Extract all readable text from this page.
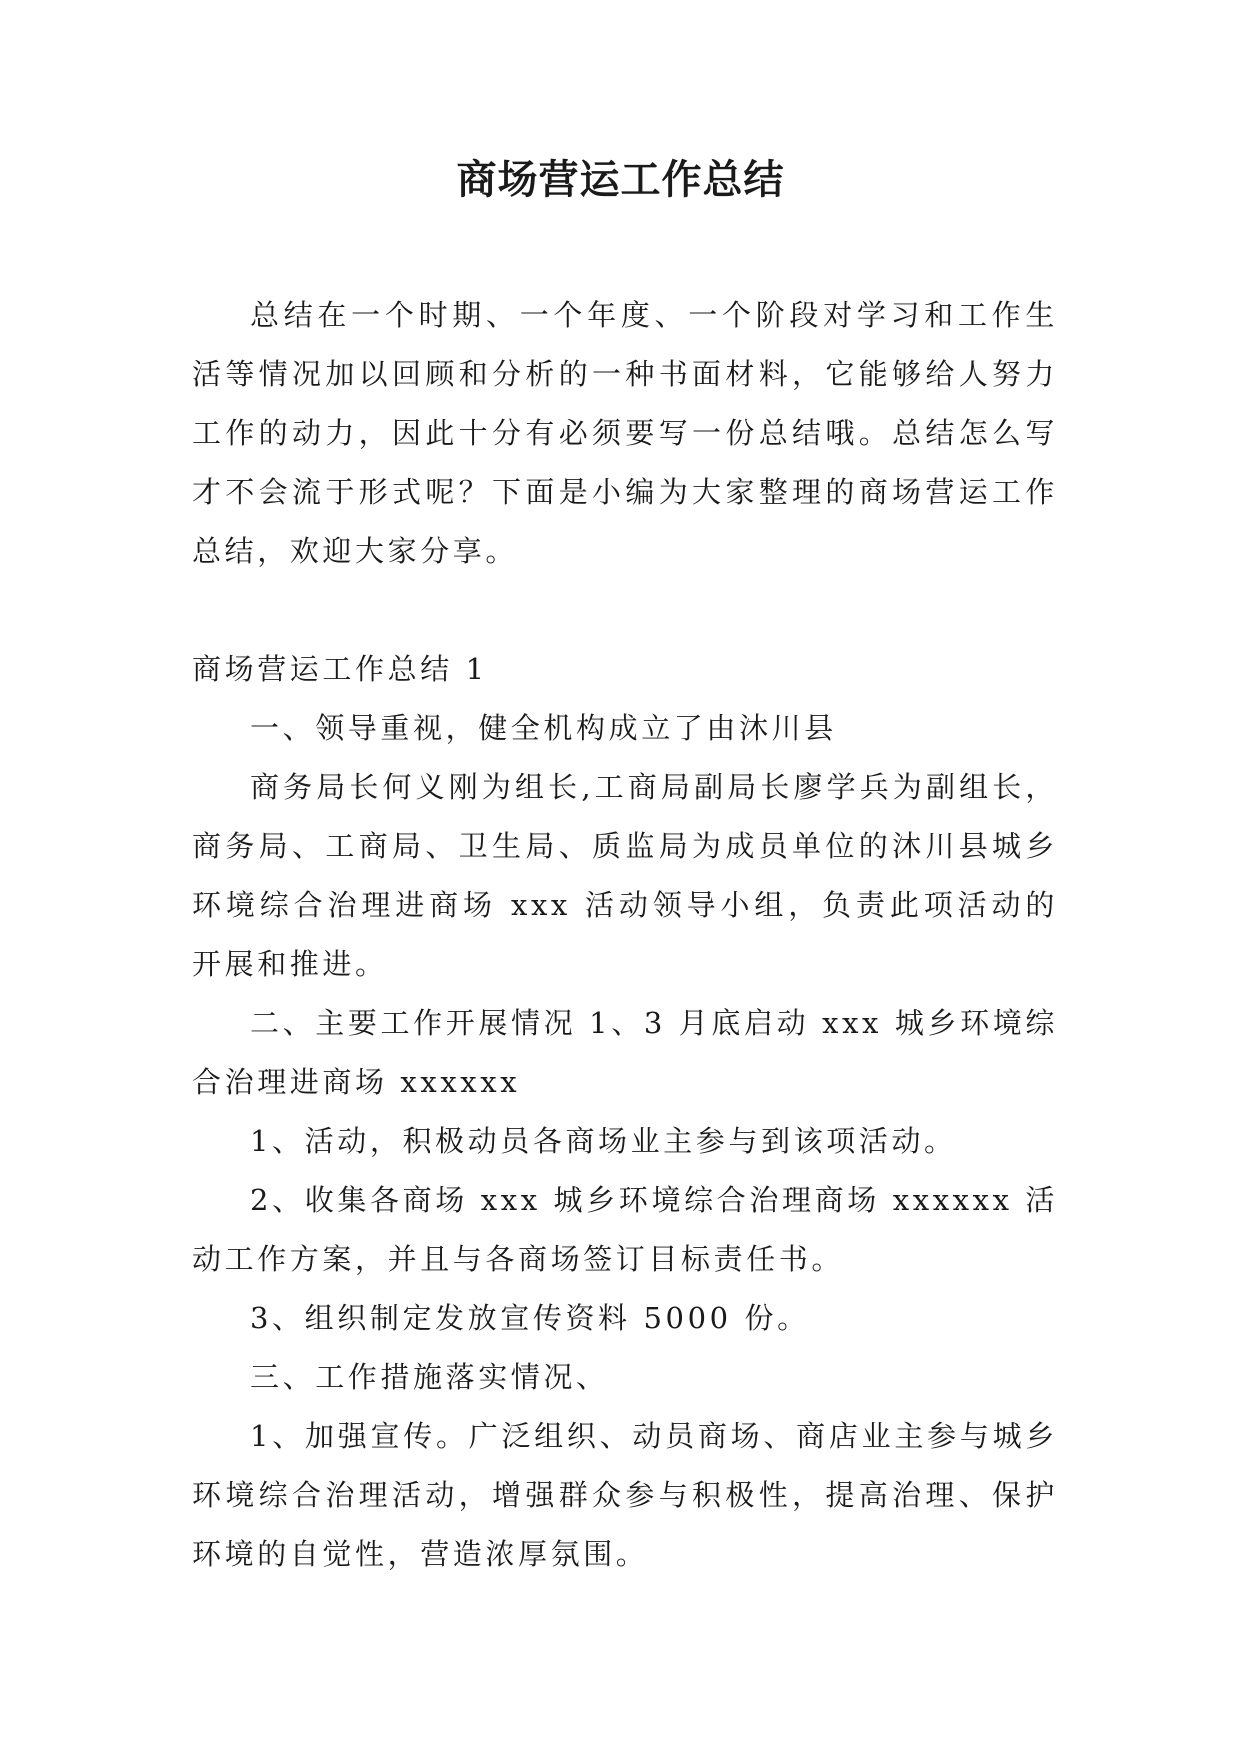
商场营运工作总结

总结在一个时期、一个年度、一个阶段对学习和工作生活等情况加以回顾和分析的一种书面材料，它能够给人努力工作的动力，因此十分有必须要写一份总结哦。总结怎么写才不会流于形式呢？下面是小编为大家整理的商场营运工作总结，欢迎大家分享。

商场营运工作总结 1

一、领导重视，健全机构成立了由沐川县

商务局长何义刚为组长,工商局副局长廖学兵为副组长，商务局、工商局、卫生局、质监局为成员单位的沐川县城乡环境综合治理进商场 xxx 活动领导小组，负责此项活动的开展和推进。

二、主要工作开展情况 1、3 月底启动 xxx 城乡环境综合治理进商场 xxxxxx

1、活动，积极动员各商场业主参与到该项活动。

2、收集各商场 xxx 城乡环境综合治理商场 xxxxxx 活动工作方案，并且与各商场签订目标责任书。

3、组织制定发放宣传资料 5000 份。

三、工作措施落实情况、

1、加强宣传。广泛组织、动员商场、商店业主参与城乡环境综合治理活动，增强群众参与积极性，提高治理、保护环境的自觉性，营造浓厚氛围。
